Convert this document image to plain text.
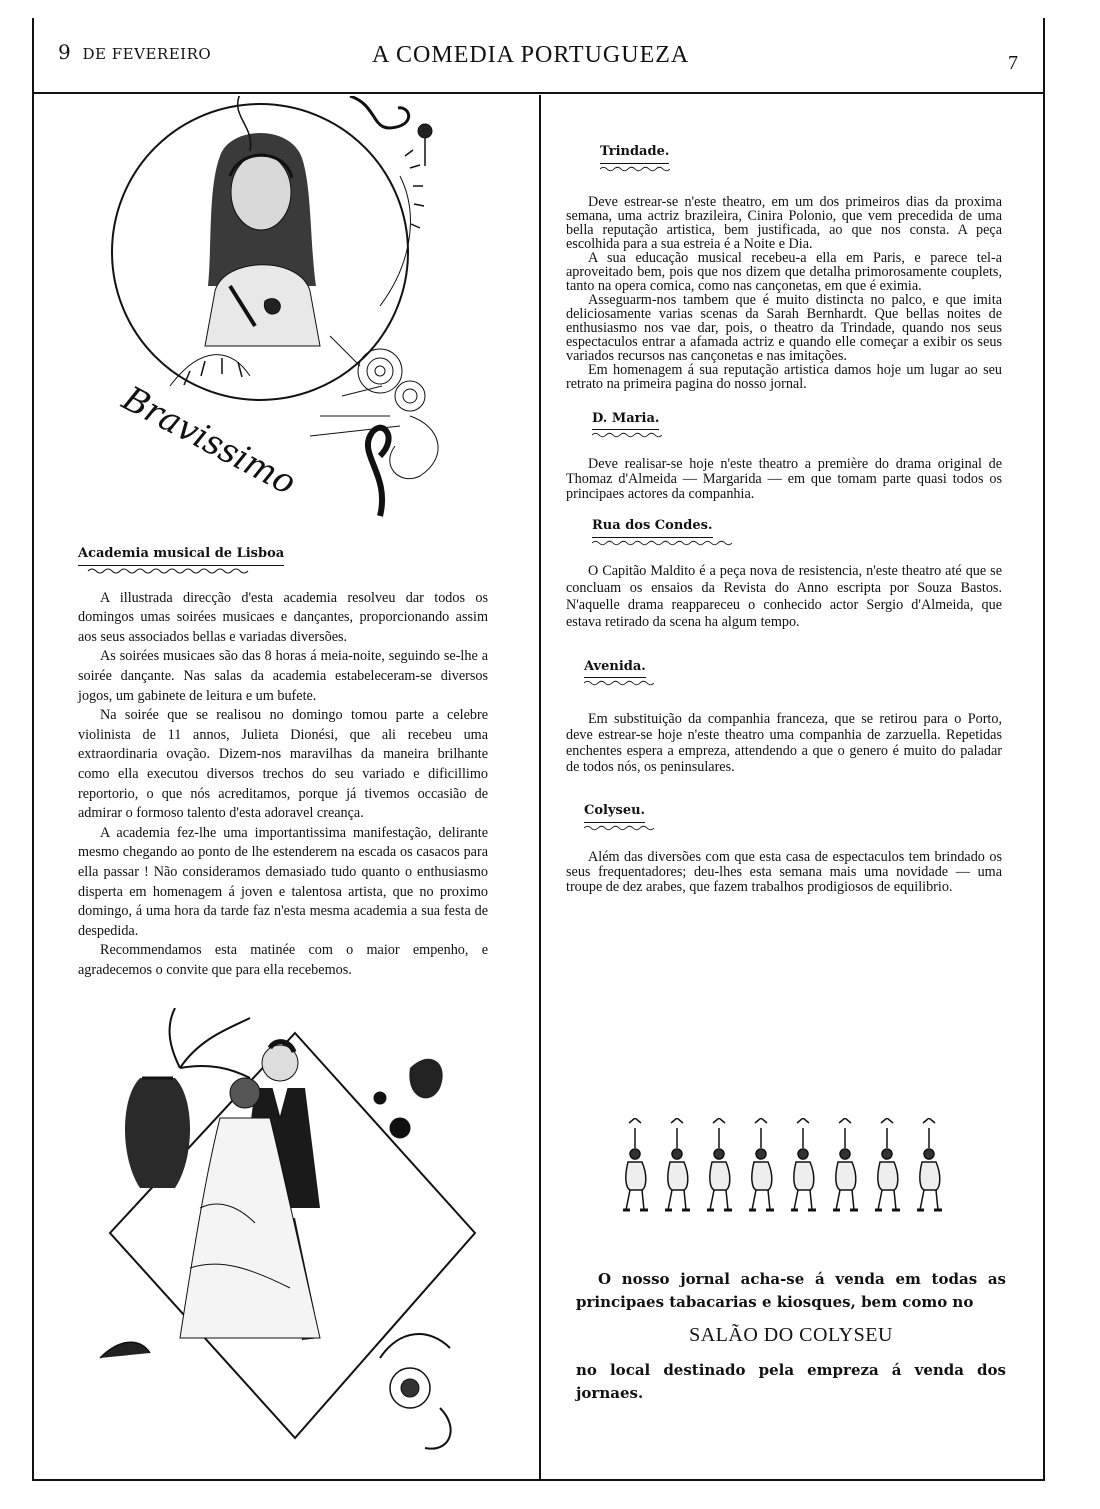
9 DE FEVEREIRO	A COMEDIA PORTUGUEZA	7
Bravissimo
Academia musical de Lisboa

A illustrada direcção d'esta academia resolveu dar todos os domingos umas soirées musicaes e dançantes, proporcionando assim aos seus associados bellas e variadas diversões.

As soirées musicaes são das 8 horas á meia-noite, seguindo se-lhe a soirée dançante. Nas salas da academia estabeleceram-se diversos jogos, um gabinete de leitura e um bufete.

Na soirée que se realisou no domingo tomou parte a celebre violinista de 11 annos, Julieta Dionési, que ali recebeu uma extraordinaria ovação. Dizem-nos maravilhas da maneira brilhante como ella executou diversos trechos do seu variado e dificillimo reportorio, o que nós acreditamos, porque já tivemos occasião de admirar o formoso talento d'esta adoravel creança.

A academia fez-lhe uma importantissima manifestação, delirante mesmo chegando ao ponto de lhe estenderem na escada os casacos para ella passar ! Não consideramos demasiado tudo quanto o enthusiasmo disperta em homenagem á joven e talentosa artista, que no proximo domingo, á uma hora da tarde faz n'esta mesma academia a sua festa de despedida.

Recommendamos esta matinée com o maior empenho, e agradecemos o convite que para ella recebemos.

Trindade.

Deve estrear-se n'este theatro, em um dos primeiros dias da proxima semana, uma actriz brazileira, Cinira Polonio, que vem precedida de uma bella reputação artistica, bem justificada, ao que nos consta. A peça escolhida para a sua estreia é a Noite e Dia.

A sua educação musical recebeu-a ella em Paris, e parece tel-a aproveitado bem, pois que nos dizem que detalha primorosamente couplets, tanto na opera comica, como nas cançonetas, em que é eximia.

Asseguarm-nos tambem que é muito distincta no palco, e que imita deliciosamente varias scenas da Sarah Bernhardt. Que bellas noites de enthusiasmo nos vae dar, pois, o theatro da Trindade, quando nos seus espectaculos entrar a afamada actriz e quando elle começar a exibir os seus variados recursos nas cançonetas e nas imitações.

Em homenagem á sua reputação artistica damos hoje um lugar ao seu retrato na primeira pagina do nosso jornal.

D. Maria.

Deve realisar-se hoje n'este theatro a première do drama original de Thomaz d'Almeida — Margarida — em que tomam parte quasi todos os principaes actores da companhia.

Rua dos Condes.

O Capitão Maldito é a peça nova de resistencia, n'este theatro até que se concluam os ensaios da Revista do Anno escripta por Souza Bastos. N'aquelle drama reappareceu o conhecido actor Sergio d'Almeida, que estava retirado da scena ha algum tempo.

Avenida.

Em substituição da companhia franceza, que se retirou para o Porto, deve estrear-se hoje n'este theatro uma companhia de zarzuella. Repetidas enchentes espera a empreza, attendendo a que o genero é muito do paladar de todos nós, os peninsulares.

Colyseu.

Além das diversões com que esta casa de espectaculos tem brindado os seus frequentadores; deu-lhes esta semana mais uma novidade — uma troupe de dez arabes, que fazem trabalhos prodigiosos de equilibrio.

O nosso jornal acha-se á venda em todas as principaes tabacarias e kiosques, bem como no

SALÃO DO COLYSEU

no local destinado pela empreza á venda dos jornaes.
